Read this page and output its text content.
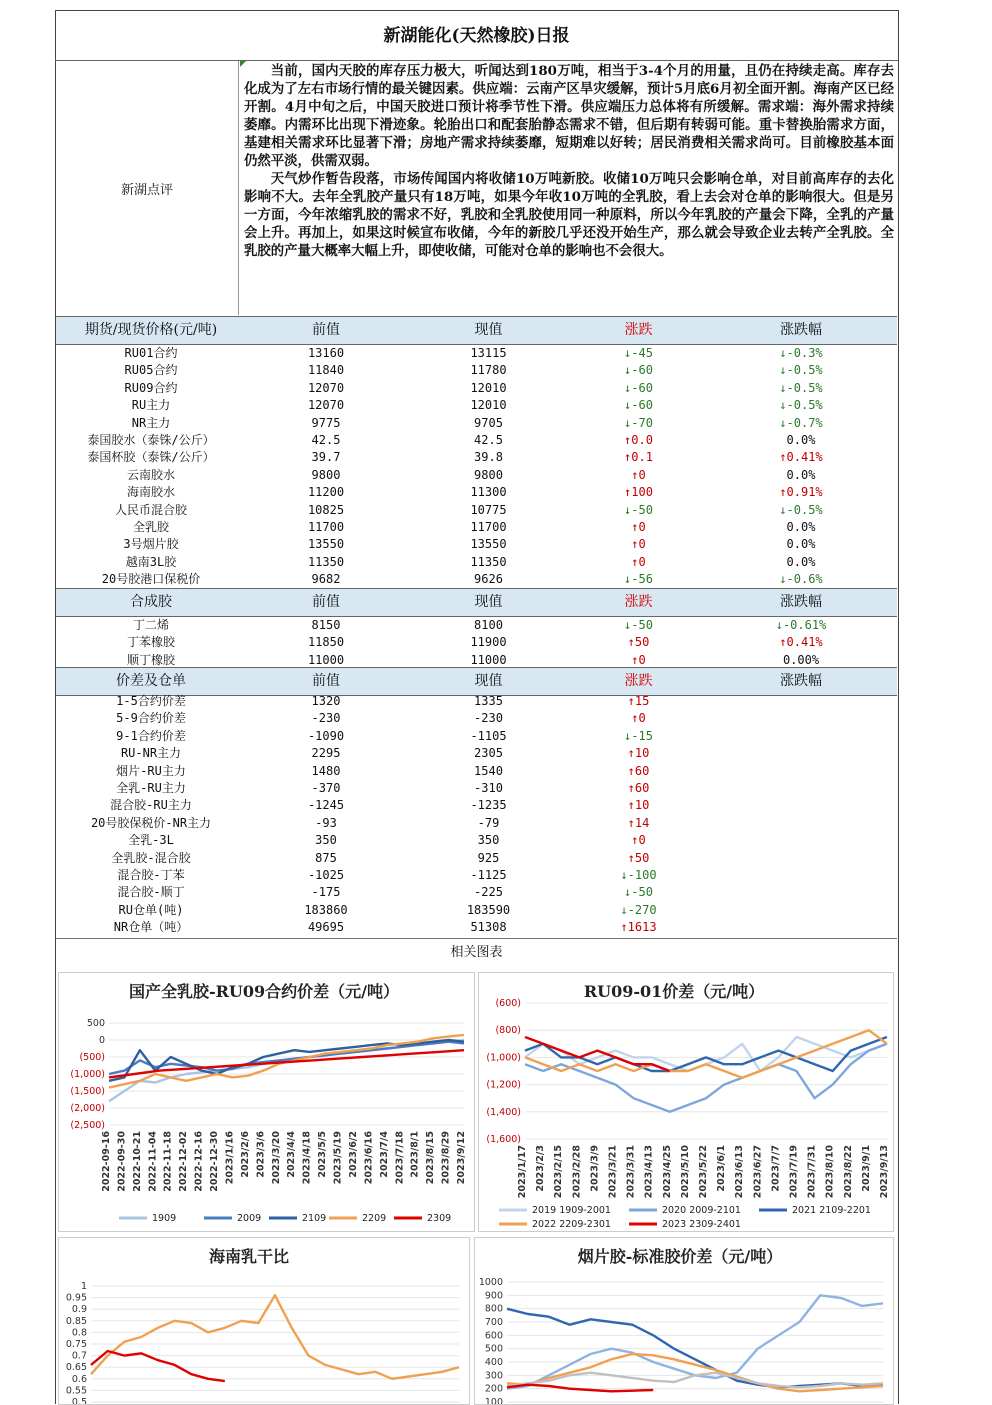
新湖能化(天然橡胶)日报
新湖点评

当前，国内天胶的库存压力极大，听闻达到180万吨，相当于3-4个月的用量，且仍在持续走高。库存去化成为了左右市场行情的最关键因素。供应端：云南产区旱灾缓解，预计5月底6月初全面开割。海南产区已经开割。4月中旬之后，中国天胶进口预计将季节性下滑。供应端压力总体将有所缓解。需求端：海外需求持续萎靡。内需环比出现下滑迹象。轮胎出口和配套胎静态需求不错，但后期有转弱可能。重卡替换胎需求方面，基建相关需求环比显著下滑；房地产需求持续萎靡，短期难以好转；居民消费相关需求尚可。目前橡胶基本面仍然平淡，供需双弱。

天气炒作暂告段落，市场传闻国内将收储10万吨新胶。收储10万吨只会影响仓单，对目前高库存的去化影响不大。去年全乳胶产量只有18万吨，如果今年收10万吨的全乳胶，看上去会对仓单的影响很大。但是另一方面，今年浓缩乳胶的需求不好，乳胶和全乳胶使用同一种原料，所以今年乳胶的产量会下降，全乳的产量会上升。再加上，如果这时候宣布收储，今年的新胶几乎还没开始生产，那么就会导致企业去转产全乳胶。全乳胶的产量大概率大幅上升，即使收储，可能对仓单的影响也不会很大。

期货/现货价格(元/吨)	前值	现值	涨跌	涨跌幅
RU01合约	13160	13115	↓-45	↓-0.3%
RU05合约	11840	11780	↓-60	↓-0.5%
RU09合约	12070	12010	↓-60	↓-0.5%
RU主力	12070	12010	↓-60	↓-0.5%
NR主力	9775	9705	↓-70	↓-0.7%
泰国胶水（泰铢/公斤）	42.5	42.5	↑0.0	0.0%
泰国杯胶（泰铢/公斤）	39.7	39.8	↑0.1	↑0.41%
云南胶水	9800	9800	↑0	0.0%
海南胶水	11200	11300	↑100	↑0.91%
人民币混合胶	10825	10775	↓-50	↓-0.5%
全乳胶	11700	11700	↑0	0.0%
3号烟片胶	13550	13550	↑0	0.0%
越南3L胶	11350	11350	↑0	0.0%
20号胶港口保税价	9682	9626	↓-56	↓-0.6%
合成胶	前值	现值	涨跌	涨跌幅
丁二烯	8150	8100	↓-50	↓-0.61%
丁苯橡胶	11850	11900	↑50	↑0.41%
顺丁橡胶	11000	11000	↑0	0.00%
价差及仓单	前值	现值	涨跌	涨跌幅
1-5合约价差	1320	1335	↑15
5-9合约价差	-230	-230	↑0
9-1合约价差	-1090	-1105	↓-15
RU-NR主力	2295	2305	↑10
烟片-RU主力	1480	1540	↑60
全乳-RU主力	-370	-310	↑60
混合胶-RU主力	-1245	-1235	↑10
20号胶保税价-NR主力	-93	-79	↑14
全乳-3L	350	350	↑0
全乳胶-混合胶	875	925	↑50
混合胶-丁苯	-1025	-1125	↓-100
混合胶-顺丁	-175	-225	↓-50
RU仓单(吨)	183860	183590	↓-270
NR仓单（吨）	49695	51308	↑1613
相关图表
国产全乳胶-RU09合约价差（元/吨）
500
0
(500)
(1,000)
(1,500)
(2,000)
(2,500)
2022-09-16 2022-09-30 2022-10-21 2022-11-04 2022-11-18 2022-12-02 2022-12-16 2022-12-30 2023/1/16 2023/2/6 2023/3/6 2023/3/20 2023/4/4 2023/4/18 2023/5/5 2023/5/19 2023/6/2 2023/6/16 2023/7/4 2023/7/18 2023/8/1 2023/8/15 2023/8/29 2023/9/12
1909	2009	2109	2209	2309
RU09-01价差（元/吨）
(600)
(800)
(1,000)
(1,200)
(1,400)
(1,600)
2023/1/17 2023/2/3 2023/2/15 2023/2/28 2023/3/9 2023/3/21 2023/3/31 2023/4/13 2023/4/25 2023/5/10 2023/5/22 2023/6/1 2023/6/13 2023/6/27 2023/7/7 2023/7/19 2023/7/31 2023/8/10 2023/8/22 2023/9/1 2023/9/13
2019 1909-2001	2020 2009-2101	2021 2109-2201
2022 2209-2301	2023 2309-2401
海南乳干比
1
0.95
0.9
0.85
0.8
0.75
0.7
0.65
0.6
0.55
0.5
烟片胶-标准胶价差（元/吨）
1000
900
800
700
600
500
400
300
200
100
